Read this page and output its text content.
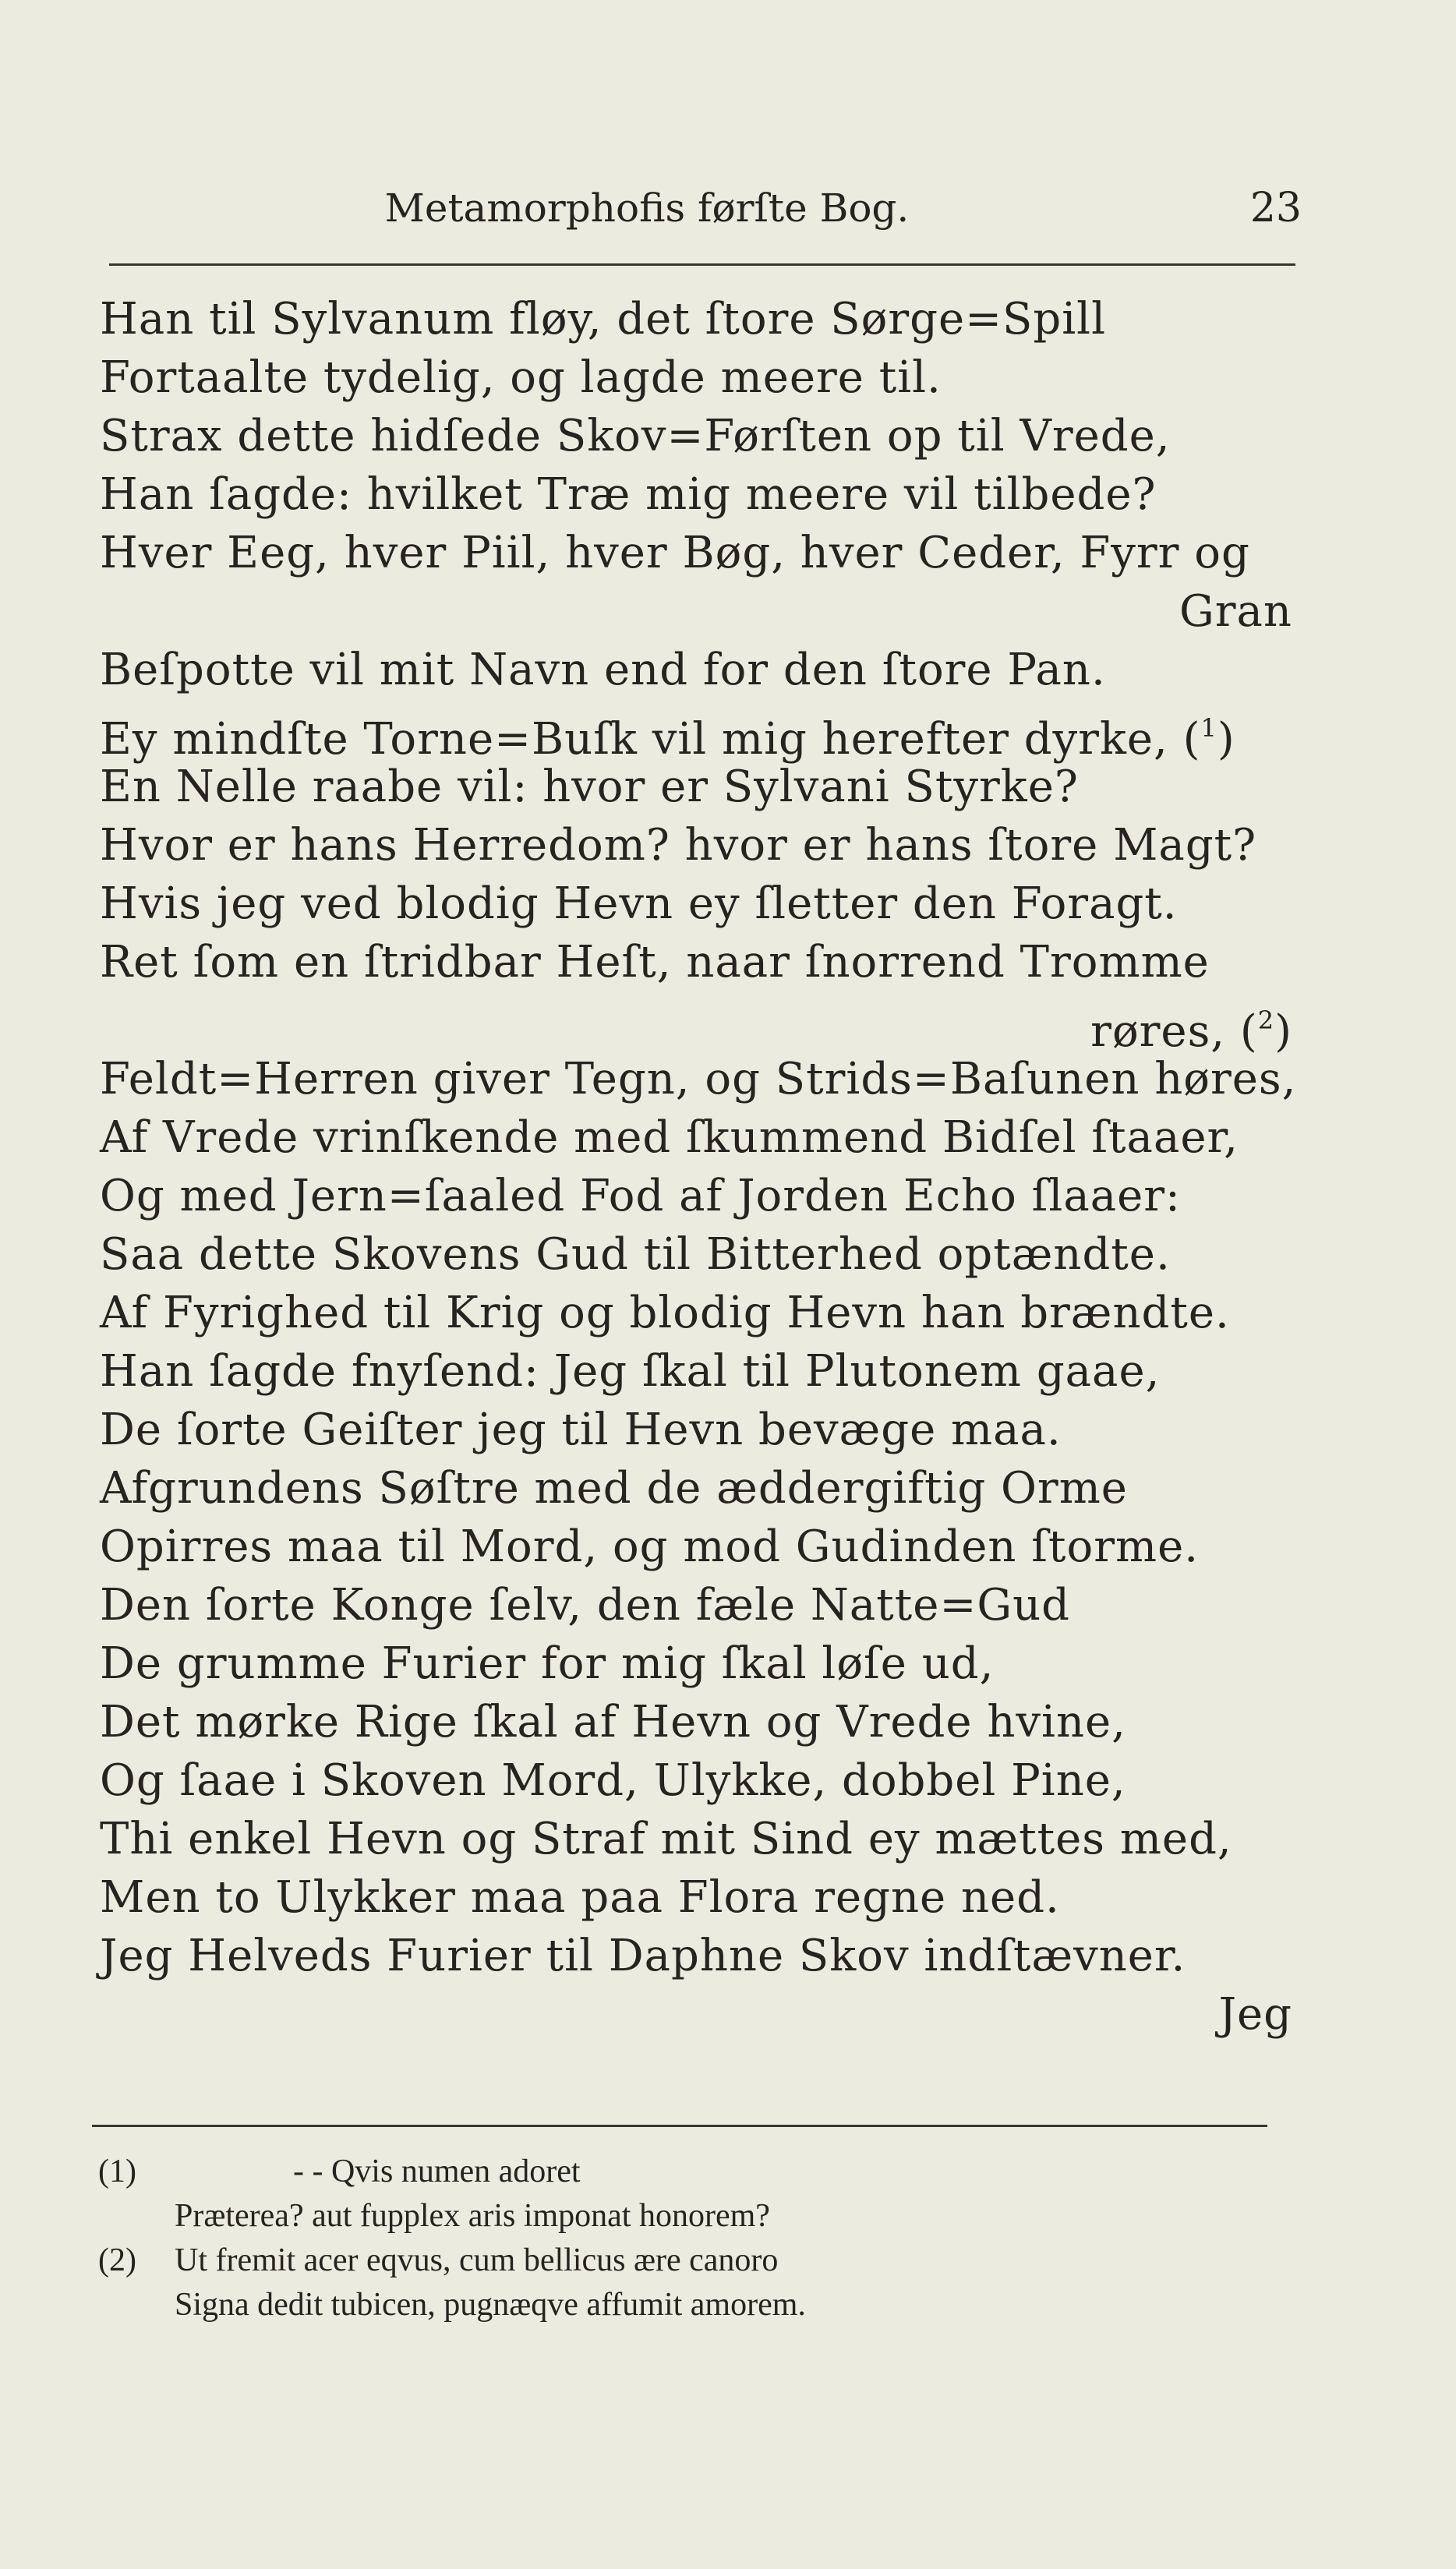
Metamorphofis førſte Bog.	23
Han til Sylvanum fløy, det ſtore Sørge=Spill
Fortaalte tydelig, og lagde meere til.
Strax dette hidſede Skov=Førſten op til Vrede,
Han ſagde: hvilket Træ mig meere vil tilbede?
Hver Eeg, hver Piil, hver Bøg, hver Ceder, Fyrr og
Gran
Beſpotte vil mit Navn end for den ſtore Pan.
Ey mindſte Torne=Buſk vil mig herefter dyrke, ($^1$)
En Nelle raabe vil: hvor er Sylvani Styrke?
Hvor er hans Herredom? hvor er hans ſtore Magt?
Hvis jeg ved blodig Hevn ey ſletter den Foragt.
Ret ſom en ſtridbar Heſt, naar ſnorrend Tromme
røres, ($^2$)
Feldt=Herren giver Tegn, og Strids=Baſunen høres,
Af Vrede vrinſkende med ſkummend Bidſel ſtaaer,
Og med Jern=ſaaled Fod af Jorden Echo ſlaaer:
Saa dette Skovens Gud til Bitterhed optændte.
Af Fyrighed til Krig og blodig Hevn han brændte.
Han ſagde fnyſend: Jeg ſkal til Plutonem gaae,
De ſorte Geiſter jeg til Hevn bevæge maa.
Afgrundens Søſtre med de æddergiftig Orme
Opirres maa til Mord, og mod Gudinden ſtorme.
Den ſorte Konge ſelv, den fæle Natte=Gud
De grumme Furier for mig ſkal løſe ud,
Det mørke Rige ſkal af Hevn og Vrede hvine,
Og ſaae i Skoven Mord, Ulykke, dobbel Pine,
Thi enkel Hevn og Straf mit Sind ey mættes med,
Men to Ulykker maa paa Flora regne ned.
Jeg Helveds Furier til Daphne Skov indſtævner.
Jeg
(1)	- - Qvis numen adoret
Præterea? aut fupplex aris imponat honorem?
(2)	Ut fremit acer eqvus, cum bellicus ære canoro
Signa dedit tubicen, pugnæqve affumit amorem.
